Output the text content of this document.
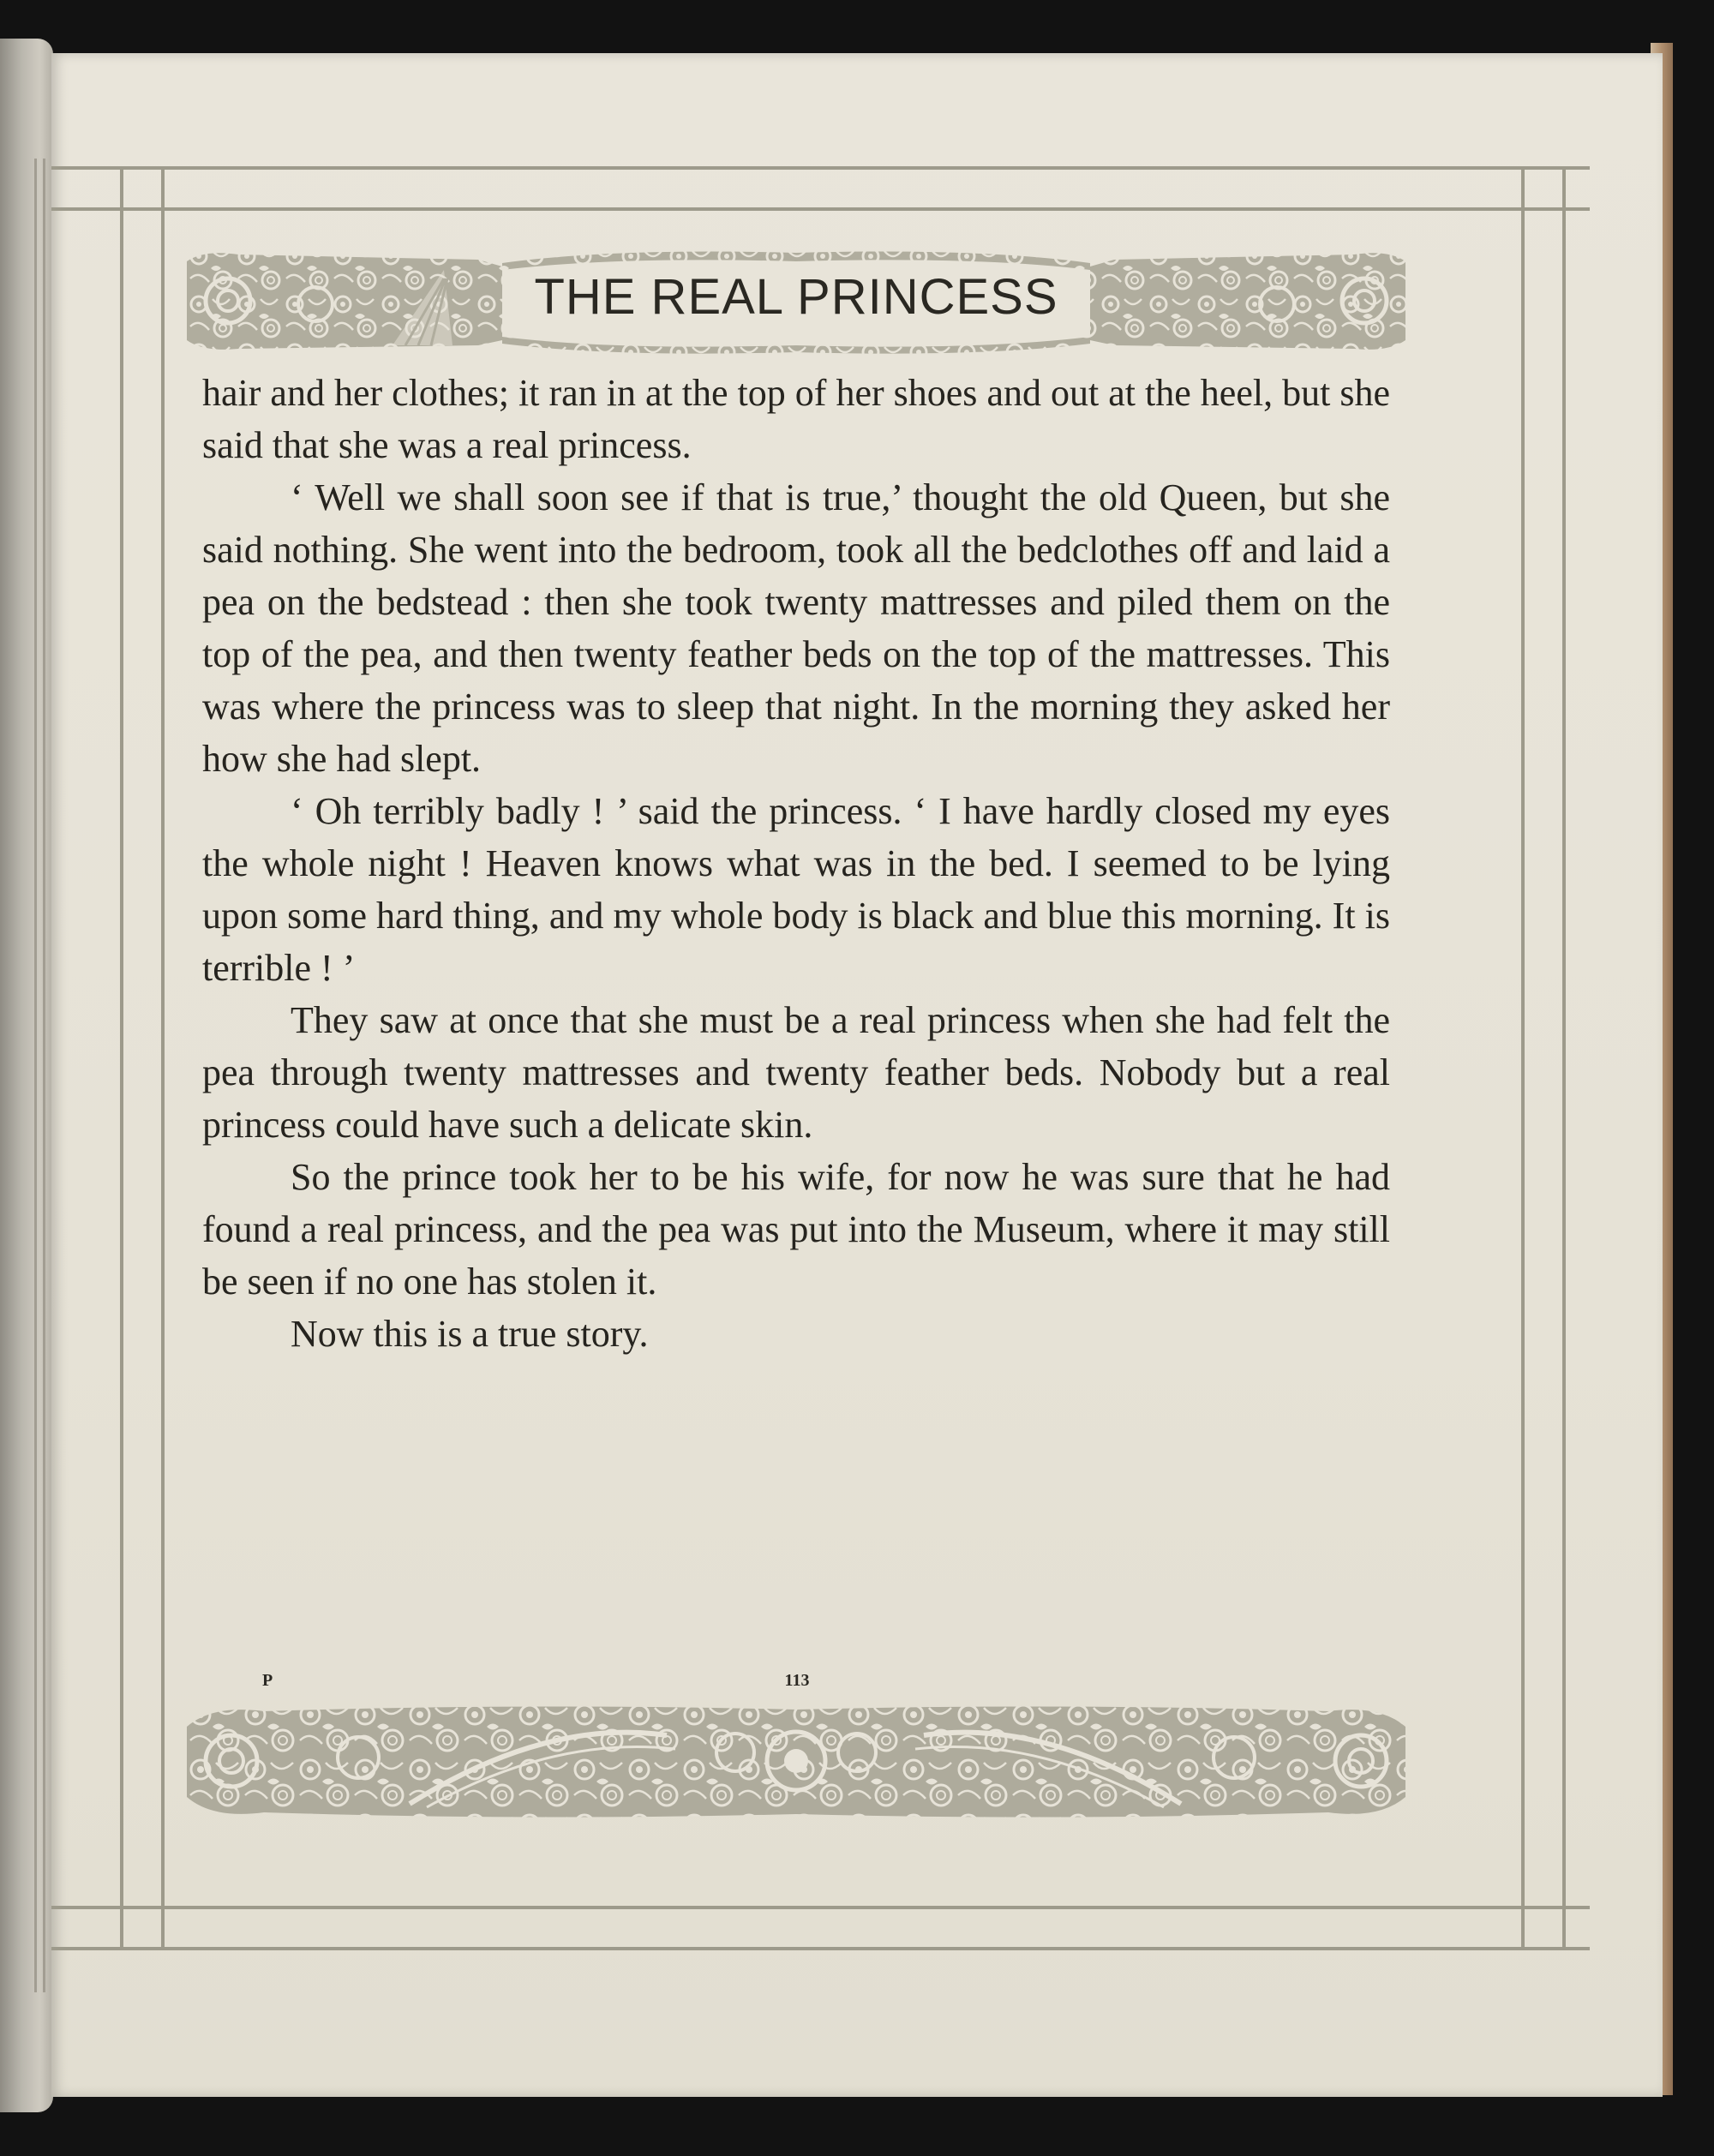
THE REAL PRINCESS

hair and her clothes; it ran in at the top of her shoes and out at the heel, but she said that she was a real princess.

‘ Well we shall soon see if that is true,’ thought the old Queen, but she said nothing. She went into the bedroom, took all the bedclothes off and laid a pea on the bedstead : then she took twenty mattresses and piled them on the top of the pea, and then twenty feather beds on the top of the mattresses. This was where the princess was to sleep that night. In the morning they asked her how she had slept.

‘ Oh terribly badly ! ’ said the princess. ‘ I have hardly closed my eyes the whole night ! Heaven knows what was in the bed. I seemed to be lying upon some hard thing, and my whole body is black and blue this morning. It is terrible ! ’

They saw at once that she must be a real princess when she had felt the pea through twenty mattresses and twenty feather beds. Nobody but a real princess could have such a delicate skin.

So the prince took her to be his wife, for now he was sure that he had found a real princess, and the pea was put into the Museum, where it may still be seen if no one has stolen it.

Now this is a true story.

P	113
